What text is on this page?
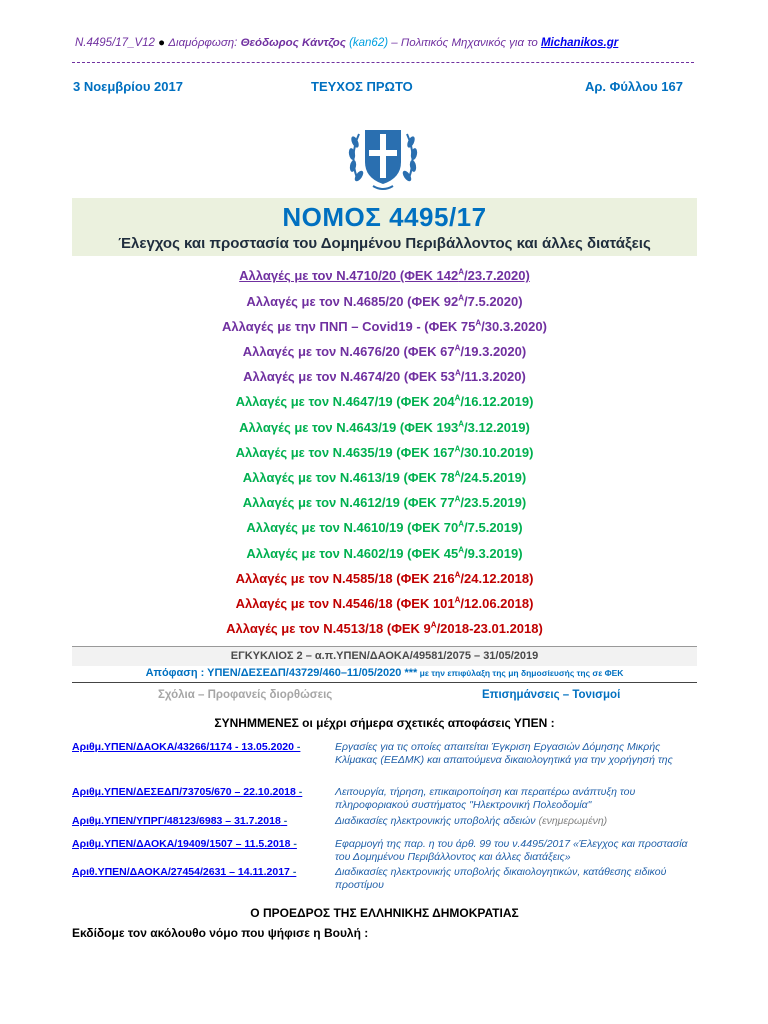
N.4495/17_V12 ● Διαμόρφωση: Θεόδωρος Κάντζος (kan62) – Πολιτικός Μηχανικός για το Michanikos.gr
3 Νοεμβρίου 2017	ΤΕΥΧΟΣ ΠΡΩΤΟ	Αρ. Φύλλου 167
ΝΟΜΟΣ 4495/17
Έλεγχος και προστασία του Δομημένου Περιβάλλοντος και άλλες διατάξεις
Αλλαγές με τον Ν.4710/20 (ΦΕΚ $142^A/23.7.2020$)
Αλλαγές με τον Ν.4685/20 (ΦΕΚ $92^A/7.5.2020$)
Αλλαγές με την ΠΝΠ – Covid19 - (ΦΕΚ $75^A/30.3.2020$)
Αλλαγές με τον Ν.4676/20 (ΦΕΚ $67^A/19.3.2020$)
Αλλαγές με τον Ν.4674/20 (ΦΕΚ $53^A/11.3.2020$)
Αλλαγές με τον Ν.4647/19 (ΦΕΚ $204^A/16.12.2019$)
Αλλαγές με τον Ν.4643/19 (ΦΕΚ $193^A/3.12.2019$)
Αλλαγές με τον Ν.4635/19 (ΦΕΚ $167^A/30.10.2019$)
Αλλαγές με τον Ν.4613/19 (ΦΕΚ $78^A/24.5.2019$)
Αλλαγές με τον Ν.4612/19 (ΦΕΚ $77^A/23.5.2019$)
Αλλαγές με τον Ν.4610/19 (ΦΕΚ $70^A/7.5.2019$)
Αλλαγές με τον Ν.4602/19 (ΦΕΚ $45^A/9.3.2019$)
Αλλαγές με τον Ν.4585/18 (ΦΕΚ $216^A/24.12.2018$)
Αλλαγές με τον Ν.4546/18 (ΦΕΚ $101^A/12.06.2018$)
Αλλαγές με τον Ν.4513/18 (ΦΕΚ $9^A/2018-23.01.2018$)
ΕΓΚΥΚΛΙΟΣ 2 – α.π.ΥΠΕΝ/ΔΑΟΚΑ/49581/2075 – 31/05/2019
Απόφαση : ΥΠΕΝ/ΔΕΣΕΔΠ/43729/460–11/05/2020 *** με την επιφύλαξη της μη δημοσίευσής της σε ΦΕΚ
Σχόλια – Προφανείς διορθώσεις	Επισημάνσεις – Τονισμοί
ΣΥΝΗΜΜΕΝΕΣ οι μέχρι σήμερα σχετικές αποφάσεις ΥΠΕΝ :
Αριθμ.ΥΠΕΝ/ΔΑΟΚΑ/43266/1174 - 13.05.2020 -	Εργασίες για τις οποίες απαιτείται Έγκριση Εργασιών Δόμησης Μικρής Κλίμακας (ΕΕΔΜΚ) και απαιτούμενα δικαιολογητικά για την χορήγησή της
Αριθμ.ΥΠΕΝ/ΔΕΣΕΔΠ/73705/670 – 22.10.2018 -	Λειτουργία, τήρηση, επικαιροποίηση και περαιτέρω ανάπτυξη του πληροφοριακού συστήματος "Ηλεκτρονική Πολεοδομία"
Αριθμ.ΥΠΕΝ/ΥΠΡΓ/48123/6983 – 31.7.2018 -	Διαδικασίες ηλεκτρονικής υποβολής αδειών (ενημερωμένη)
Αριθμ.ΥΠΕΝ/ΔΑΟΚΑ/19409/1507 – 11.5.2018 -	Εφαρμογή της παρ. η του άρθ. 99 του ν.4495/2017 «Έλεγχος και προστασία του Δομημένου Περιβάλλοντος και άλλες διατάξεις»
Αριθ.ΥΠΕΝ/ΔΑΟΚΑ/27454/2631 – 14.11.2017 -	Διαδικασίες ηλεκτρονικής υποβολής δικαιολογητικών, κατάθεσης ειδικού προστίμου
Ο ΠΡΟΕΔΡΟΣ ΤΗΣ ΕΛΛΗΝΙΚΗΣ ΔΗΜΟΚΡΑΤΙΑΣ
Εκδίδομε τον ακόλουθο νόμο που ψήφισε η Βουλή :
